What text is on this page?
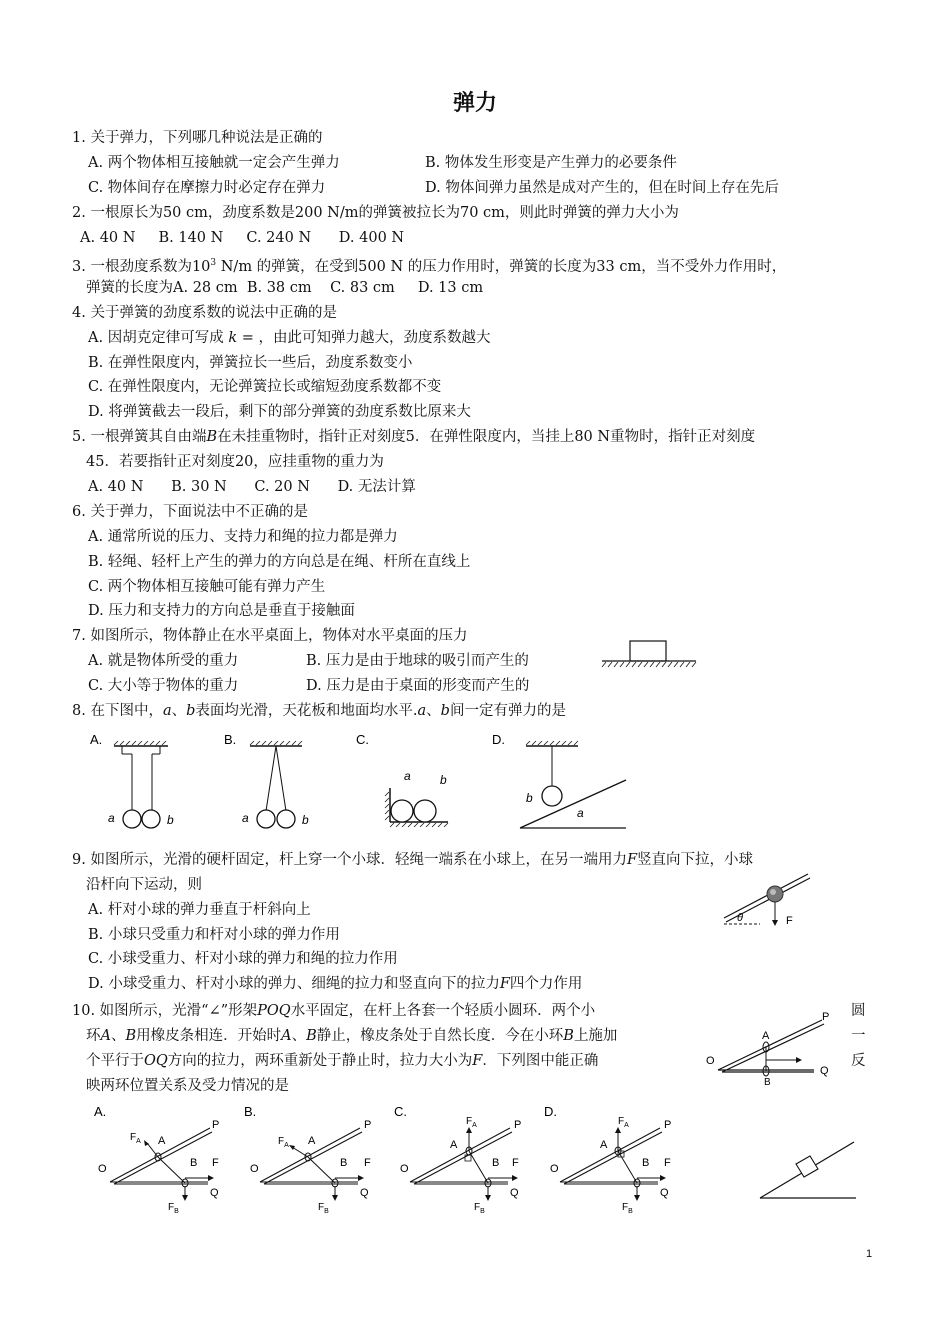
弹力
1. 关于弹力，下列哪几种说法是正确的
A. 两个物体相互接触就一定会产生弹力	B. 物体发生形变是产生弹力的必要条件
C. 物体间存在摩擦力时必定存在弹力	D. 物体间弹力虽然是成对产生的，但在时间上存在先后
2. 一根原长为50 cm，劲度系数是200 N/m的弹簧被拉长为70 cm，则此时弹簧的弹力大小为
A. 40 N     B. 140 N     C. 240 N      D. 400 N
3. 一根劲度系数为$10^3$ N/m 的弹簧，在受到500 N 的压力作用时，弹簧的长度为33 cm，当不受外力作用时，
弹簧的长度为A. 28 cm  B. 38 cm    C. 83 cm     D. 13 cm
4. 关于弹簧的劲度系数的说法中正确的是
A. 因胡克定律可写成 k = ，由此可知弹力越大，劲度系数越大
B. 在弹性限度内，弹簧拉长一些后，劲度系数变小
C. 在弹性限度内，无论弹簧拉长或缩短劲度系数都不变
D. 将弹簧截去一段后，剩下的部分弹簧的劲度系数比原来大
5. 一根弹簧其自由端B在未挂重物时，指针正对刻度5．在弹性限度内，当挂上80 N重物时，指针正对刻度
45．若要指针正对刻度20，应挂重物的重力为
A. 40 N      B. 30 N      C. 20 N      D. 无法计算
6. 关于弹力，下面说法中不正确的是
A. 通常所说的压力、支持力和绳的拉力都是弹力
B. 轻绳、轻杆上产生的弹力的方向总是在绳、杆所在直线上
C. 两个物体相互接触可能有弹力产生
D. 压力和支持力的方向总是垂直于接触面
7. 如图所示，物体静止在水平桌面上，物体对水平桌面的压力
A. 就是物体所受的重力	B. 压力是由于地球的吸引而产生的
C. 大小等于物体的重力	D. 压力是由于桌面的形变而产生的
8. 在下图中，a、b表面均光滑，天花板和地面均水平.a、b间一定有弹力的是
A.
a	b
B.
a	b
C.
a b
D.
b
a
9. 如图所示，光滑的硬杆固定，杆上穿一个小球．轻绳一端系在小球上，在另一端用力F竖直向下拉，小球
沿杆向下运动，则
A. 杆对小球的弹力垂直于杆斜向上
B. 小球只受重力和杆对小球的弹力作用
C. 小球受重力、杆对小球的弹力和绳的拉力作用
D. 小球受重力、杆对小球的弹力、细绳的拉力和竖直向下的拉力F四个力作用
θ	F
10. 如图所示，光滑“∠”形架POQ水平固定，在杆上各套一个轻质小圆环．两个小
环A、B用橡皮条相连．开始时A、B静止，橡皮条处于自然长度．今在小环B上施加
个平行于OQ方向的拉力，两环重新处于静止时，拉力大小为F．下列图中能正确
映两环位置关系及受力情况的是
圆
一
反
A
P
O
B
Q
A.
$F_A$ A
P
O	B F
Q
$F_B$
B.
$F_A$ A
P
O	B F
Q
$F_B$
C.
$F_A$
A
P
O	B F
Q
$F_B$
D.
$F_A$
A
P
O	B F
Q
$F_B$
1
